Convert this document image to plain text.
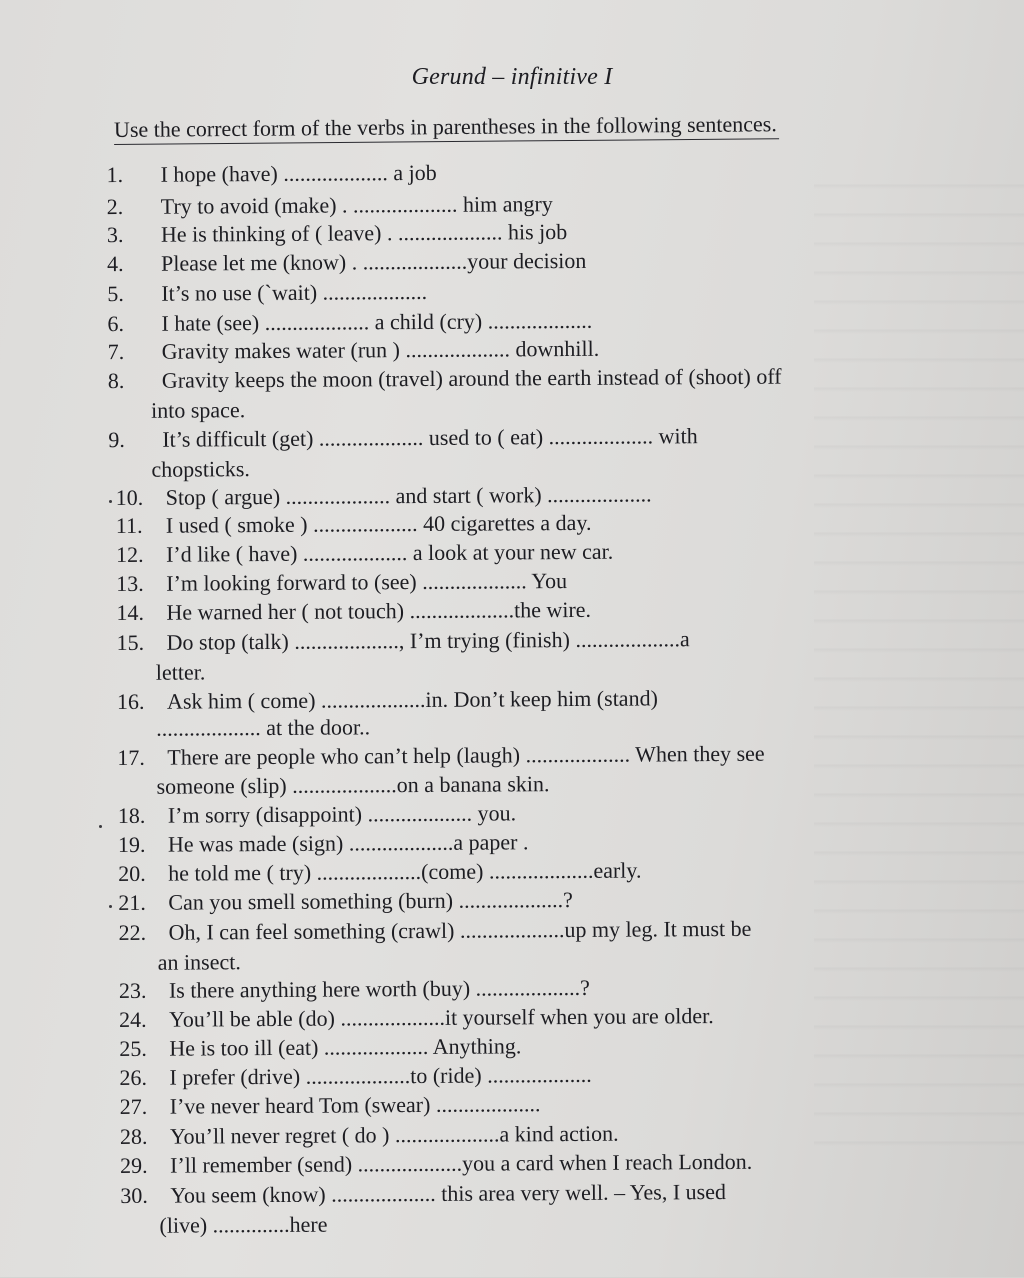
Gerund – infinitive I
Use the correct form of the verbs in parentheses in the following sentences.
1. I hope (have) ................... a job
2. Try to avoid (make) . ................... him angry
3. He is thinking of ( leave) . ................... his job
4. Please let me (know) . ...................your decision
5. It’s no use (`wait) ...................
6. I hate (see) ................... a child (cry) ...................
7. Gravity makes water (run ) ................... downhill.
8. Gravity keeps the moon (travel) around the earth instead of (shoot) off
into space.
9. It’s difficult (get) ................... used to ( eat) ................... with
chopsticks.
10. Stop ( argue) ................... and start ( work) ...................
11. I used ( smoke ) ................... 40 cigarettes a day.
12. I’d like ( have) ................... a look at your new car.
13. I’m looking forward to (see) ................... You
14. He warned her ( not touch) ...................the wire.
15. Do stop (talk) ..................., I’m trying (finish) ...................a
letter.
16. Ask him ( come) ...................in. Don’t keep him (stand)
................... at the door..
17. There are people who can’t help (laugh) ................... When they see
someone (slip) ...................on a banana skin.
18. I’m sorry (disappoint) ................... you.
19. He was made (sign) ...................a paper .
20. he told me ( try) ...................(come) ...................early.
21. Can you smell something (burn) ...................?
22. Oh, I can feel something (crawl) ...................up my leg. It must be
an insect.
23. Is there anything here worth (buy) ...................?
24. You’ll be able (do) ...................it yourself when you are older.
25. He is too ill (eat) ................... Anything.
26. I prefer (drive) ...................to (ride) ...................
27. I’ve never heard Tom (swear) ...................
28. You’ll never regret ( do ) ...................a kind action.
29. I’ll remember (send) ...................you a card when I reach London.
30. You seem (know) ................... this area very well. – Yes, I used
(live) ..............here
